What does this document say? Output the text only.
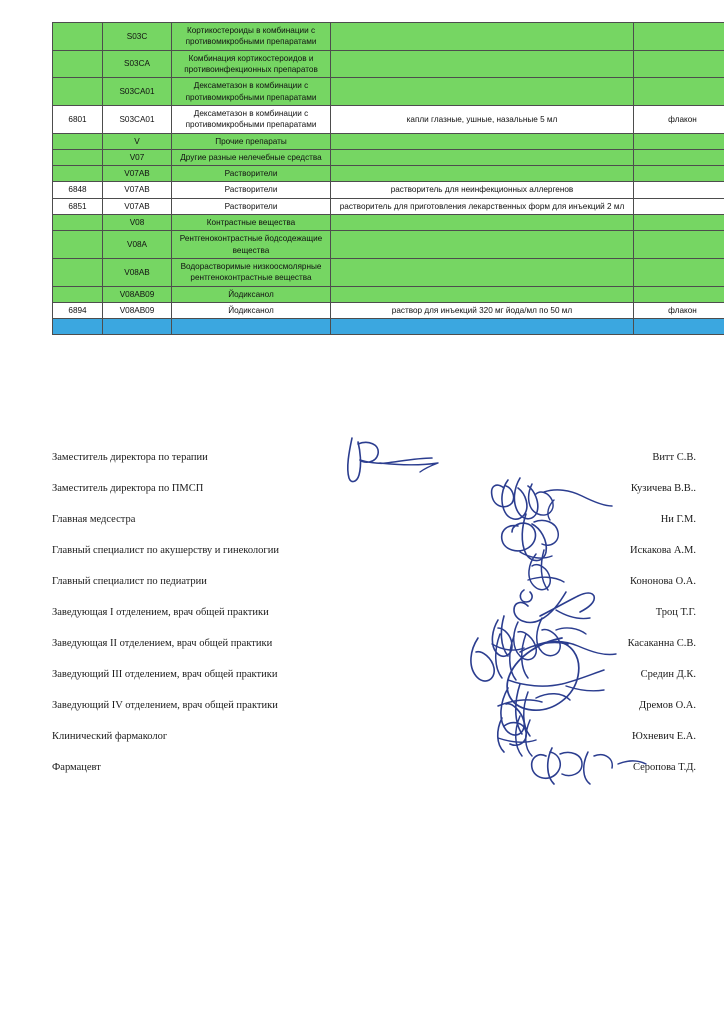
	S03C	Кортикостероиды в комбинации с противомикробными препаратами		
	S03CA	Комбинация кортикостероидов и противоинфекционных препаратов		
	S03CA01	Дексаметазон в комбинации с противомикробными препаратами		
6801	S03CA01	Дексаметазон в комбинации с противомикробными препаратами	капли глазные, ушные, назальные 5 мл	флакон
	V	Прочие препараты		
	V07	Другие разные нелечебные средства		
	V07AB	Растворители		
6848	V07AB	Растворители	растворитель для неинфекционных аллергенов	
6851	V07AB	Растворители	растворитель для приготовления лекарственных форм для инъекций 2 мл	
	V08	Контрастные вещества		
	V08A	Рентгеноконтрастные йодсодежащие вещества		
	V08AB	Водорастворимые низкоосмолярные рентгеноконтрастные вещества		
	V08AB09	Йодиксанол		
6894	V08AB09	Йодиксанол	раствор для инъекций 320 мг йода/мл по 50 мл	флакон

Заместитель директора по терапии	Витт С.В.
Заместитель директора по ПМСП	Кузичева В.В..
Главная медсестра	Ни Г.М.
Главный специалист по акушерству и гинекологии	Искакова А.М.
Главный специалист по педиатрии	Кононова О.А.
Заведующая I отделением, врач общей практики	Троц Т.Г.
Заведующая II отделением, врач общей практики	Касаканна С.В.
Заведующий III отделением, врач общей практики	Средин Д.К.
Заведующий IV отделением, врач общей практики	Дремов О.А.
Клинический фармаколог	Юхневич Е.А.
Фармацевт	Серопова Т.Д.
